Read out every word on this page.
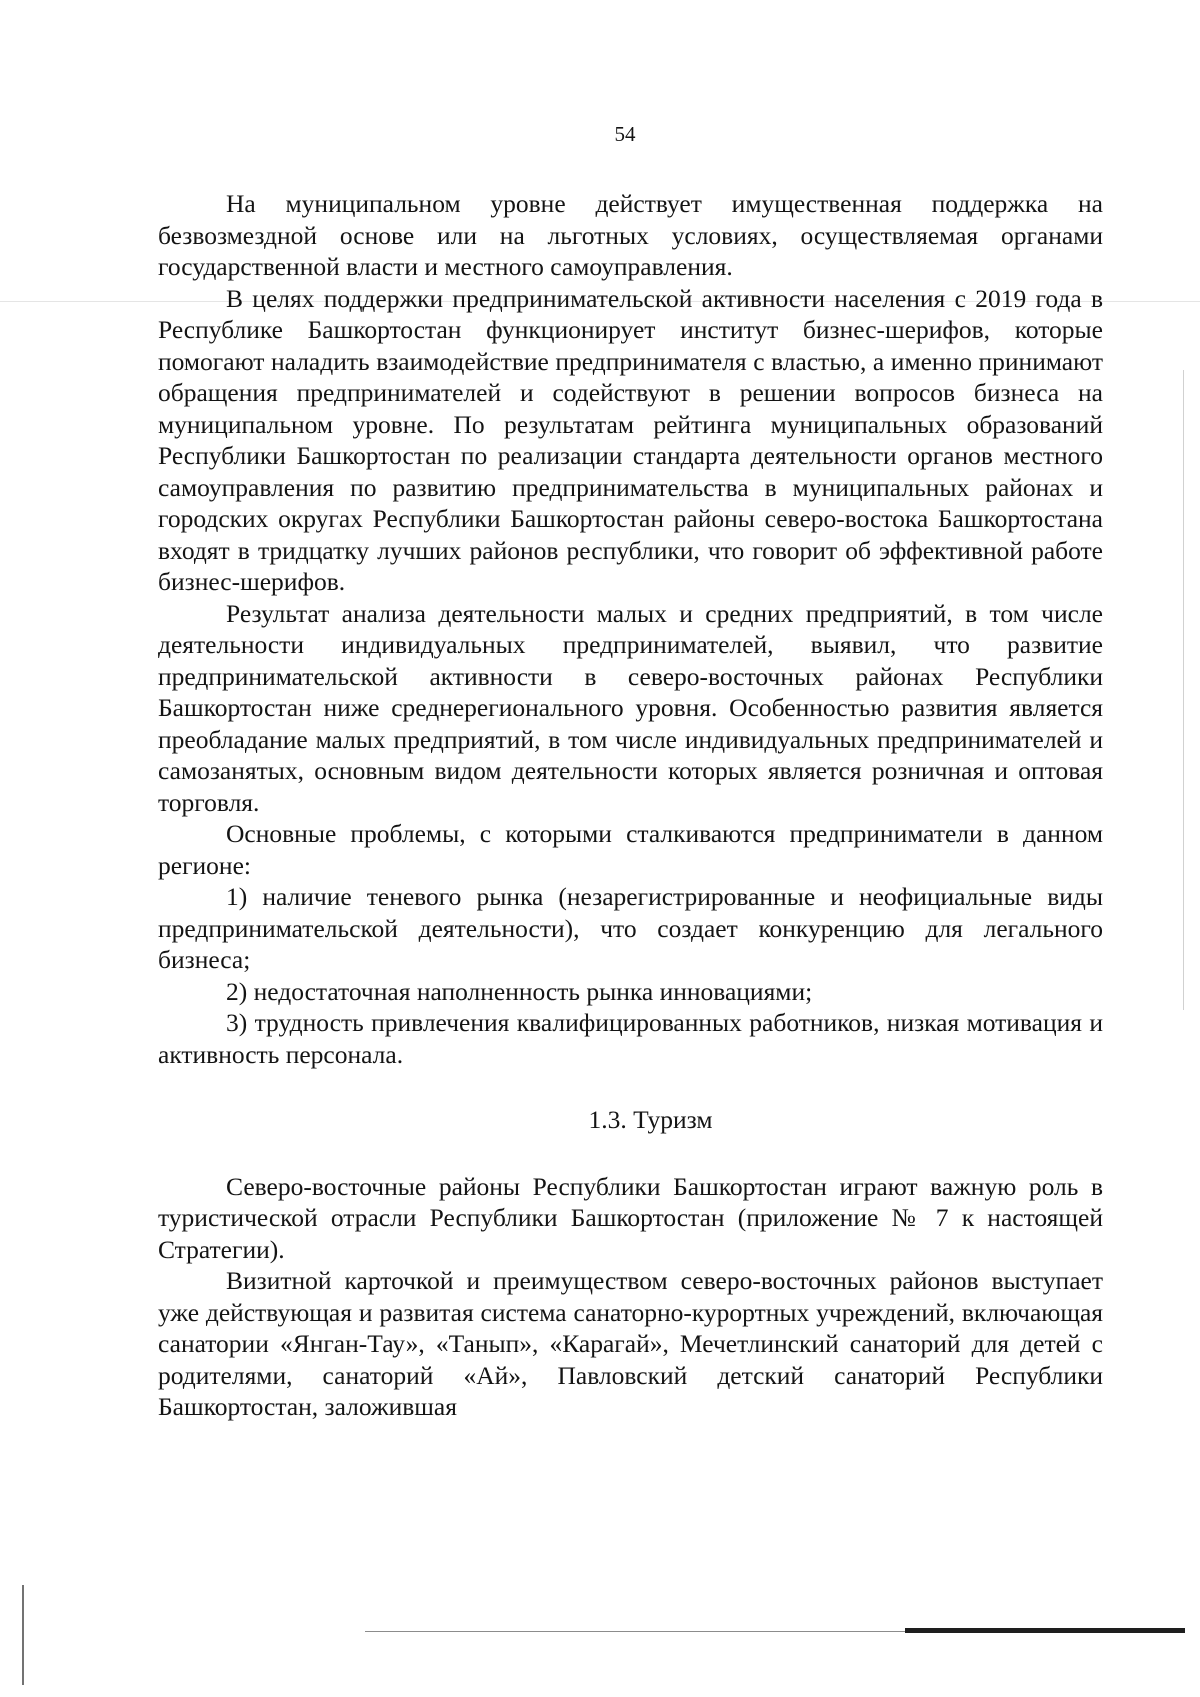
54

На муниципальном уровне действует имущественная поддержка на безвозмездной основе или на льготных условиях, осуществляемая органами государственной власти и местного самоуправления.

В целях поддержки предпринимательской активности населения с 2019 года в Республике Башкортостан функционирует институт бизнес-шерифов, которые помогают наладить взаимодействие предпринимателя с властью, а именно принимают обращения предпринимателей и содействуют в решении вопросов бизнеса на муниципальном уровне. По результатам рейтинга муниципальных образований Республики Башкортостан по реализации стандарта деятельности органов местного самоуправления по развитию предпринимательства в муниципальных районах и городских округах Республики Башкортостан районы северо-востока Башкортостана входят в тридцатку лучших районов республики, что говорит об эффективной работе бизнес-шерифов.

Результат анализа деятельности малых и средних предприятий, в том числе деятельности индивидуальных предпринимателей, выявил, что развитие предпринимательской активности в северо-восточных районах Республики Башкортостан ниже среднерегионального уровня. Особенностью развития является преобладание малых предприятий, в том числе индивидуальных предпринимателей и самозанятых, основным видом деятельности которых является розничная и оптовая торговля.

Основные проблемы, с которыми сталкиваются предприниматели в данном регионе:

1) наличие теневого рынка (незарегистрированные и неофициальные виды предпринимательской деятельности), что создает конкуренцию для легального бизнеса;

2) недостаточная наполненность рынка инновациями;

3) трудность привлечения квалифицированных работников, низкая мотивация и активность персонала.

1.3. Туризм

Северо-восточные районы Республики Башкортостан играют важную роль в туристической отрасли Республики Башкортостан (приложение № 7 к настоящей Стратегии).

Визитной карточкой и преимуществом северо-восточных районов выступает уже действующая и развитая система санаторно-курортных учреждений, включающая санатории «Янган-Тау», «Танып», «Карагай», Мечетлинский санаторий для детей с родителями, санаторий «Ай», Павловский детский санаторий Республики Башкортостан, заложившая
